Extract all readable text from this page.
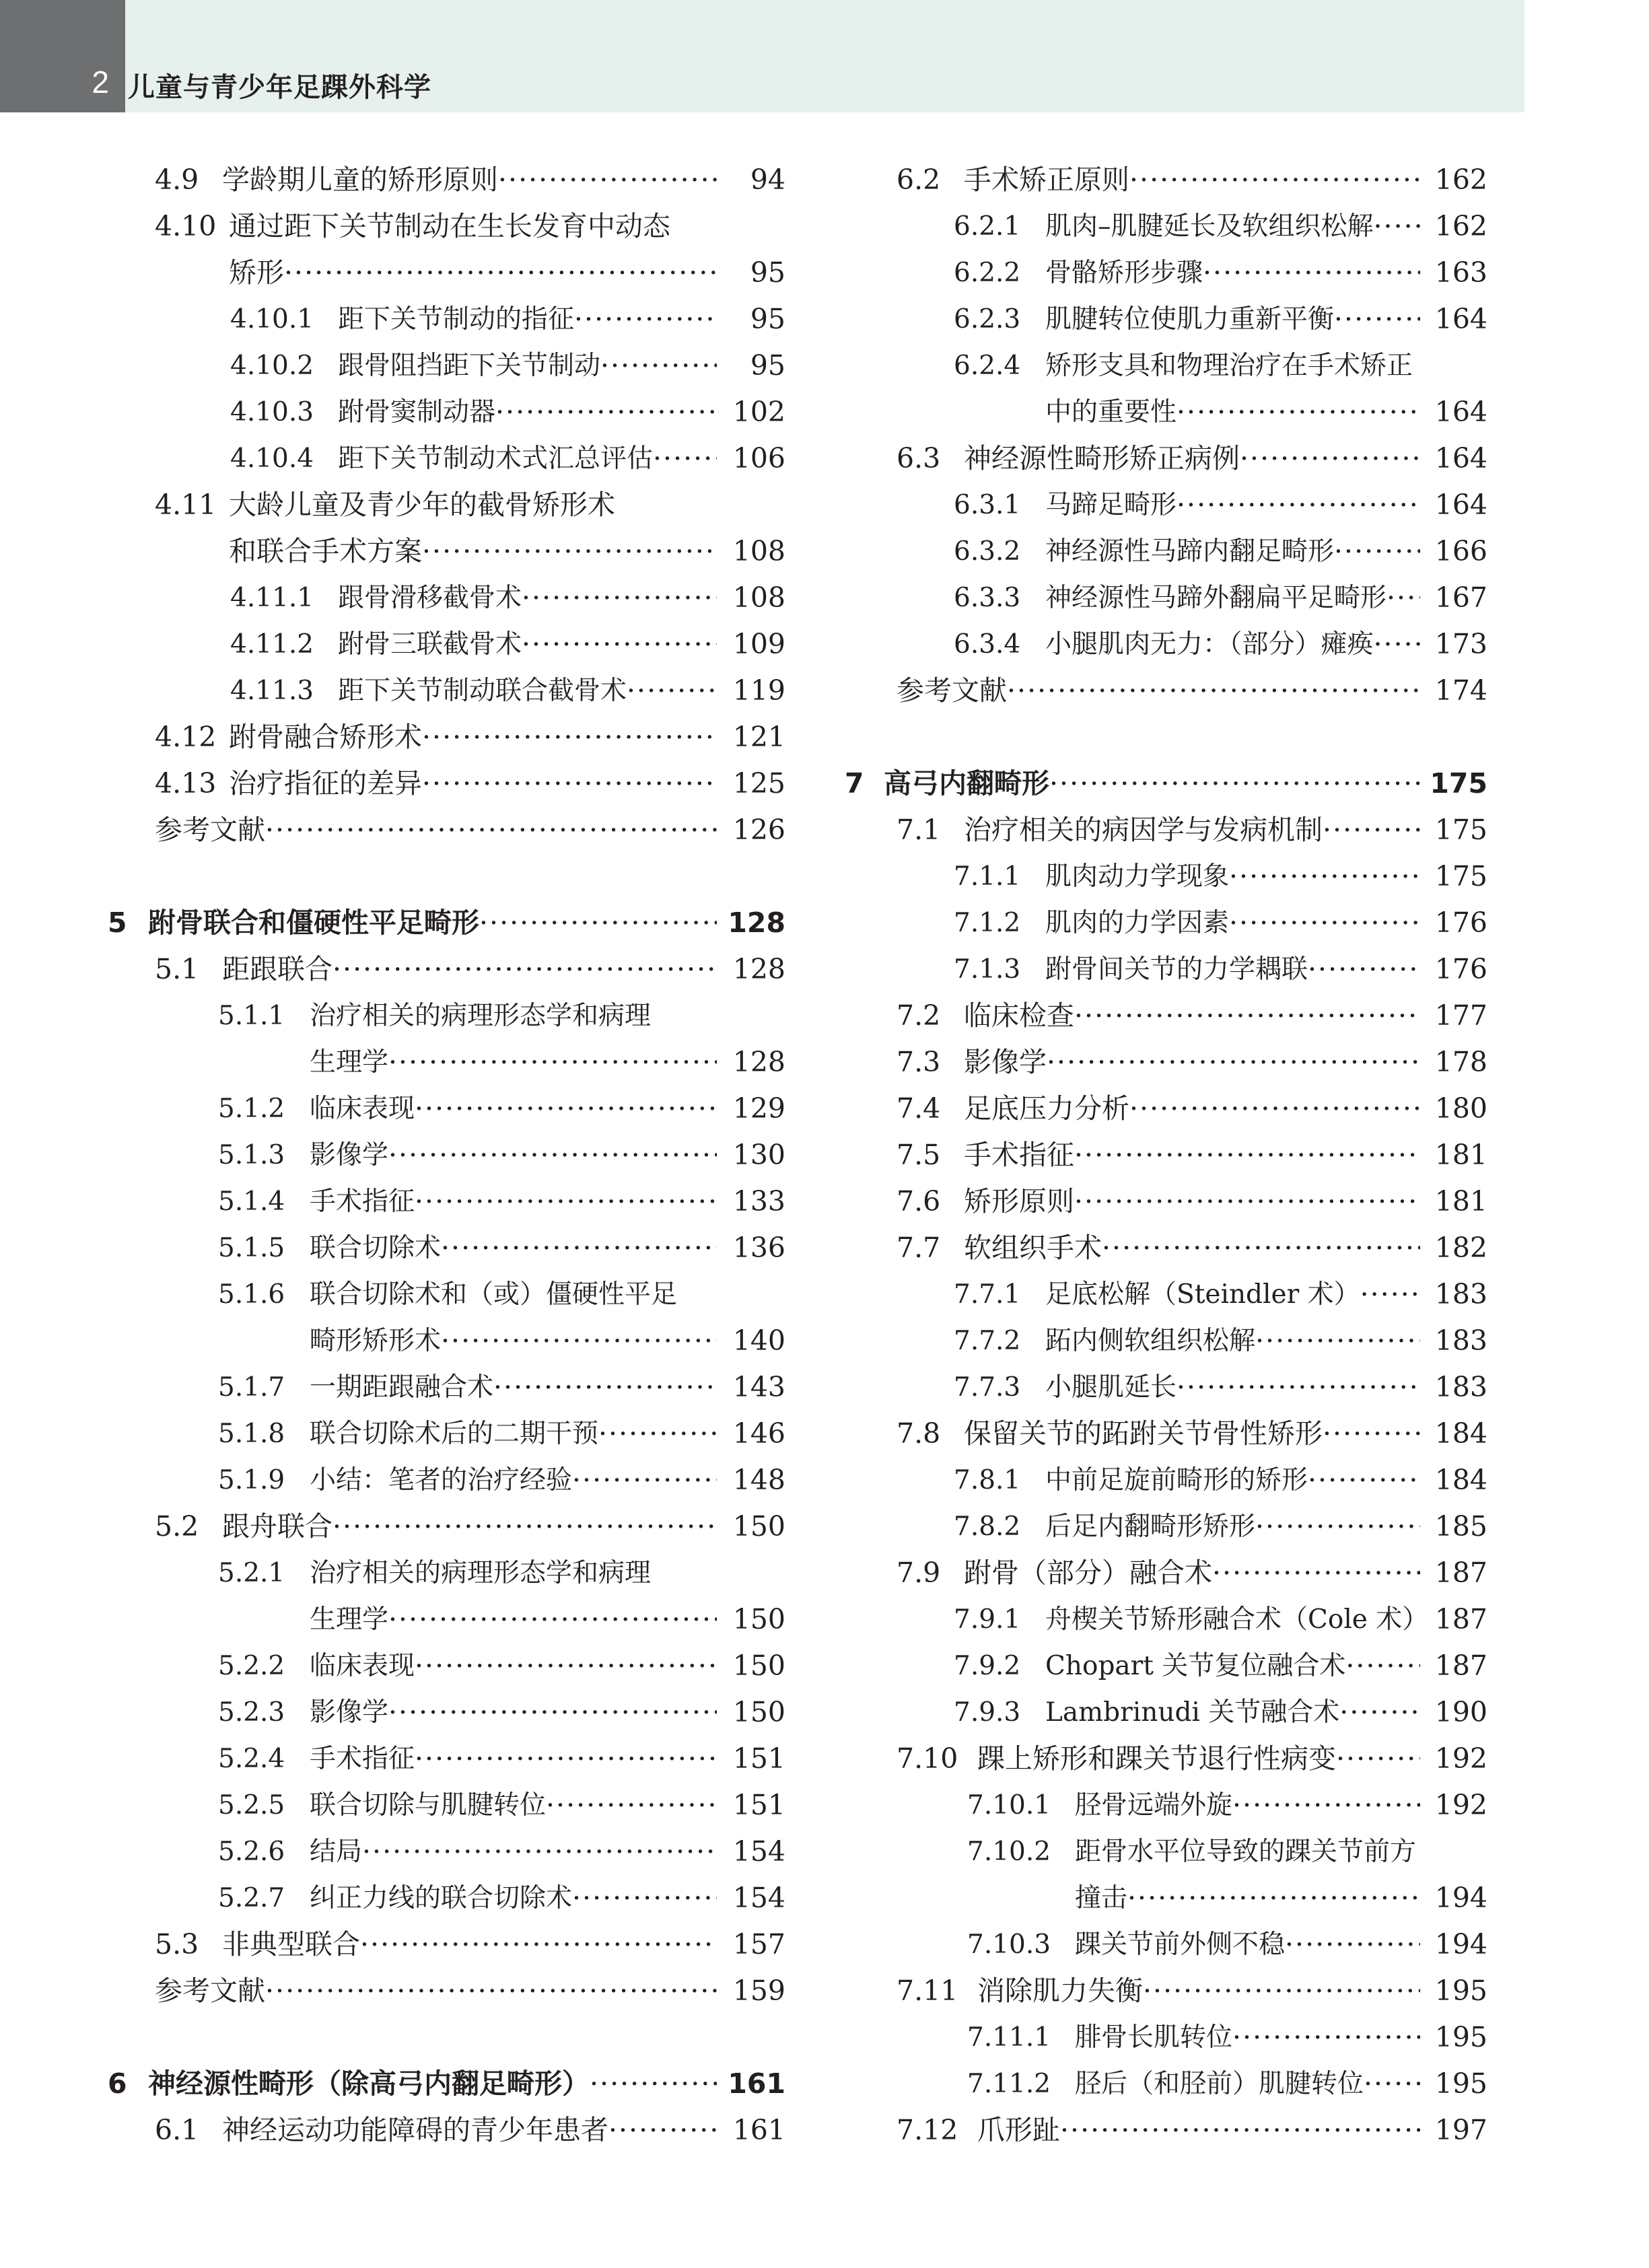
2 儿童与青少年足踝外科学
4.9 学龄期儿童的矫形原则 ·····	94
4.10 通过距下关节制动在生长发育中动态
矫形 ·····	95
4.10.1 距下关节制动的指征 ·····	95
4.10.2 跟骨阻挡距下关节制动 ·····	95
4.10.3 跗骨窦制动器 ·····	102
4.10.4 距下关节制动术式汇总评估 ·····	106
4.11 大龄儿童及青少年的截骨矫形术
和联合手术方案 ·····	108
4.11.1 跟骨滑移截骨术 ·····	108
4.11.2 跗骨三联截骨术 ·····	109
4.11.3 距下关节制动联合截骨术 ·····	119
4.12 跗骨融合矫形术 ·····	121
4.13 治疗指征的差异 ·····	125
参考文献 ·····	126
5 跗骨联合和僵硬性平足畸形 ·····	128
5.1 距跟联合 ·····	128
5.1.1 治疗相关的病理形态学和病理
生理学 ·····	128
5.1.2 临床表现 ·····	129
5.1.3 影像学 ·····	130
5.1.4 手术指征 ·····	133
5.1.5 联合切除术 ·····	136
5.1.6 联合切除术和（或）僵硬性平足
畸形矫形术 ·····	140
5.1.7 一期距跟融合术 ·····	143
5.1.8 联合切除术后的二期干预 ·····	146
5.1.9 小结：笔者的治疗经验 ·····	148
5.2 跟舟联合 ·····	150
5.2.1 治疗相关的病理形态学和病理
生理学 ·····	150
5.2.2 临床表现 ·····	150
5.2.3 影像学 ·····	150
5.2.4 手术指征 ·····	151
5.2.5 联合切除与肌腱转位 ·····	151
5.2.6 结局 ·····	154
5.2.7 纠正力线的联合切除术 ·····	154
5.3 非典型联合 ·····	157
参考文献 ·····	159
6 神经源性畸形（除高弓内翻足畸形） ·····	161
6.1 神经运动功能障碍的青少年患者 ·····	161
6.2 手术矫正原则 ·····	162
6.2.1 肌肉–肌腱延长及软组织松解 ····· 162
6.2.2 骨骼矫形步骤 ·····	163
6.2.3 肌腱转位使肌力重新平衡 ·····	164
6.2.4 矫形支具和物理治疗在手术矫正
中的重要性 ·····	164
6.3 神经源性畸形矫正病例 ·····	164
6.3.1 马蹄足畸形 ·····	164
6.3.2 神经源性马蹄内翻足畸形 ·····	166
6.3.3 神经源性马蹄外翻扁平足畸形 ····· 167
6.3.4 小腿肌肉无力：（部分）瘫痪 ····· 173
参考文献 ·····	174
7 高弓内翻畸形 ·····	175
7.1 治疗相关的病因学与发病机制 ·····	175
7.1.1 肌肉动力学现象 ·····	175
7.1.2 肌肉的力学因素 ·····	176
7.1.3 跗骨间关节的力学耦联 ·····	176
7.2 临床检查 ·····	177
7.3 影像学 ·····	178
7.4 足底压力分析 ·····	180
7.5 手术指征 ·····	181
7.6 矫形原则 ·····	181
7.7 软组织手术 ·····	182
7.7.1 足底松解（Steindler 术） ·····	183
7.7.2 跖内侧软组织松解 ·····	183
7.7.3 小腿肌延长 ·····	183
7.8 保留关节的跖跗关节骨性矫形 ·····	184
7.8.1 中前足旋前畸形的矫形 ·····	184
7.8.2 后足内翻畸形矫形 ·····	185
7.9 跗骨（部分）融合术 ·····	187
7.9.1 舟楔关节矫形融合术（Cole 术） 187
7.9.2 Chopart 关节复位融合术 ·····	187
7.9.3 Lambrinudi 关节融合术 ·····	190
7.10 踝上矫形和踝关节退行性病变 ·····	192
7.10.1 胫骨远端外旋 ·····	192
7.10.2 距骨水平位导致的踝关节前方
撞击 ·····	194
7.10.3 踝关节前外侧不稳 ·····	194
7.11 消除肌力失衡 ·····	195
7.11.1 腓骨长肌转位 ·····	195
7.11.2 胫后（和胫前）肌腱转位 ·····	195
7.12 爪形趾 ·····	197
